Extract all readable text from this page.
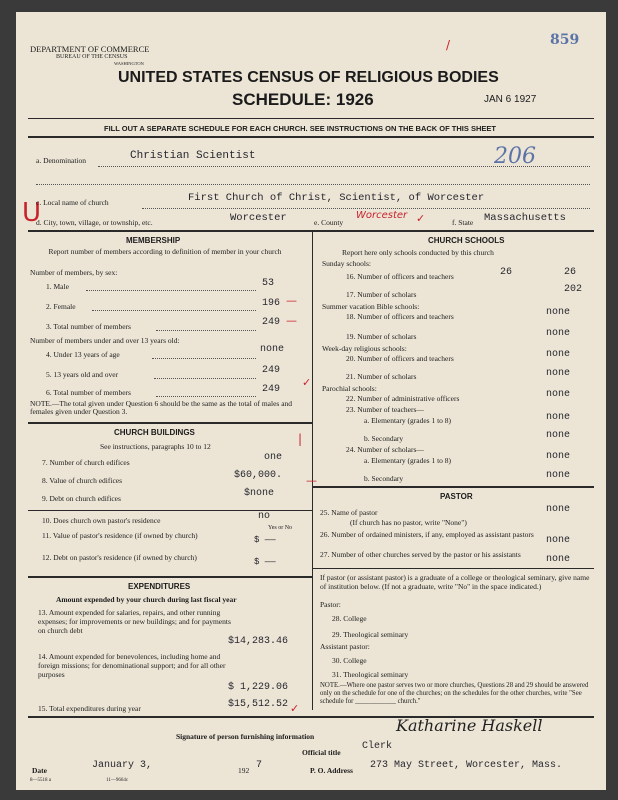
DEPARTMENT OF COMMERCE
BUREAU OF THE CENSUS
WASHINGTON
859
/
UNITED STATES CENSUS OF RELIGIOUS BODIES
SCHEDULE: 1926	JAN 6 1927
FILL OUT A SEPARATE SCHEDULE FOR EACH CHURCH. SEE INSTRUCTIONS ON THE BACK OF THIS SHEET
a. Denomination	Christian Scientist	206
U
c. Local name of church	First Church of Christ, Scientist, of Worcester
d. City, town, village, or township, etc.	Worcester	e. County
Worcester
f. State Massachusetts
MEMBERSHIP
Report number of members according to definition of member in your church
Number of members, by sex:
1. Male	53
2. Female	196
3. Total number of members	249
Number of members under and over 13 years old:
4. Under 13 years of age	none
5. 13 years old and over	249
6. Total number of members	249
NOTE.—The total given under Question 6 should be the same as the total of males and females given under Question 3.
CHURCH BUILDINGS
See instructions, paragraphs 10 to 12
7. Number of church edifices	one
8. Value of church edifices	$60,000.
9. Debt on church edifices	$none
10. Does church own pastor's residence	no
Yes or No
11. Value of pastor's residence (if owned by church)	$ ——
12. Debt on pastor's residence (if owned by church)	$ ——
EXPENDITURES
Amount expended by your church during last fiscal year
13. Amount expended for salaries, repairs, and other running expenses; for improvements or new buildings; and for payments on church debt
$14,283.46
14. Amount expended for benevolences, including home and foreign missions; for denominational support; and for all other purposes
$ 1,229.06
15. Total expenditures during year	$15,512.52
CHURCH SCHOOLS
Report here only schools conducted by this church
Sunday schools:
16. Number of officers and teachers	26	26
17. Number of scholars	202
Summer vacation Bible schools:
18. Number of officers and teachers	none
19. Number of scholars	none
Week-day religious schools:
20. Number of officers and teachers	none
21. Number of scholars	none
Parochial schools:
22. Number of administrative officers	none
23. Number of teachers—
a. Elementary (grades 1 to 8)	none
b. Secondary	none
24. Number of scholars—
a. Elementary (grades 1 to 8)	none
b. Secondary	none
PASTOR
25. Name of pastor	none
(If church has no pastor, write "None")
26. Number of ordained ministers, if any, employed as assistant pastors
none
27. Number of other churches served by the pastor or his assistants	none
If pastor (or assistant pastor) is a graduate of a college or theological seminary, give name of institution below. (If not a graduate, write "No" in the space indicated.)
Pastor:
28. College
29. Theological seminary
Assistant pastor:
30. College
31. Theological seminary
NOTE.—Where one pastor serves two or more churches, Questions 28 and 29 should be answered only on the schedule for one of the churches; on the schedules for the other churches, write "See schedule for ____________ church."
Signature of person furnishing information
Katharine Haskell
Official title
Clerk
Date	January 3,	192 7
8—5518 a	11—9664c
P. O. Address 273 May Street, Worcester, Mass.
—
—
✓
|
—
✓
✓
